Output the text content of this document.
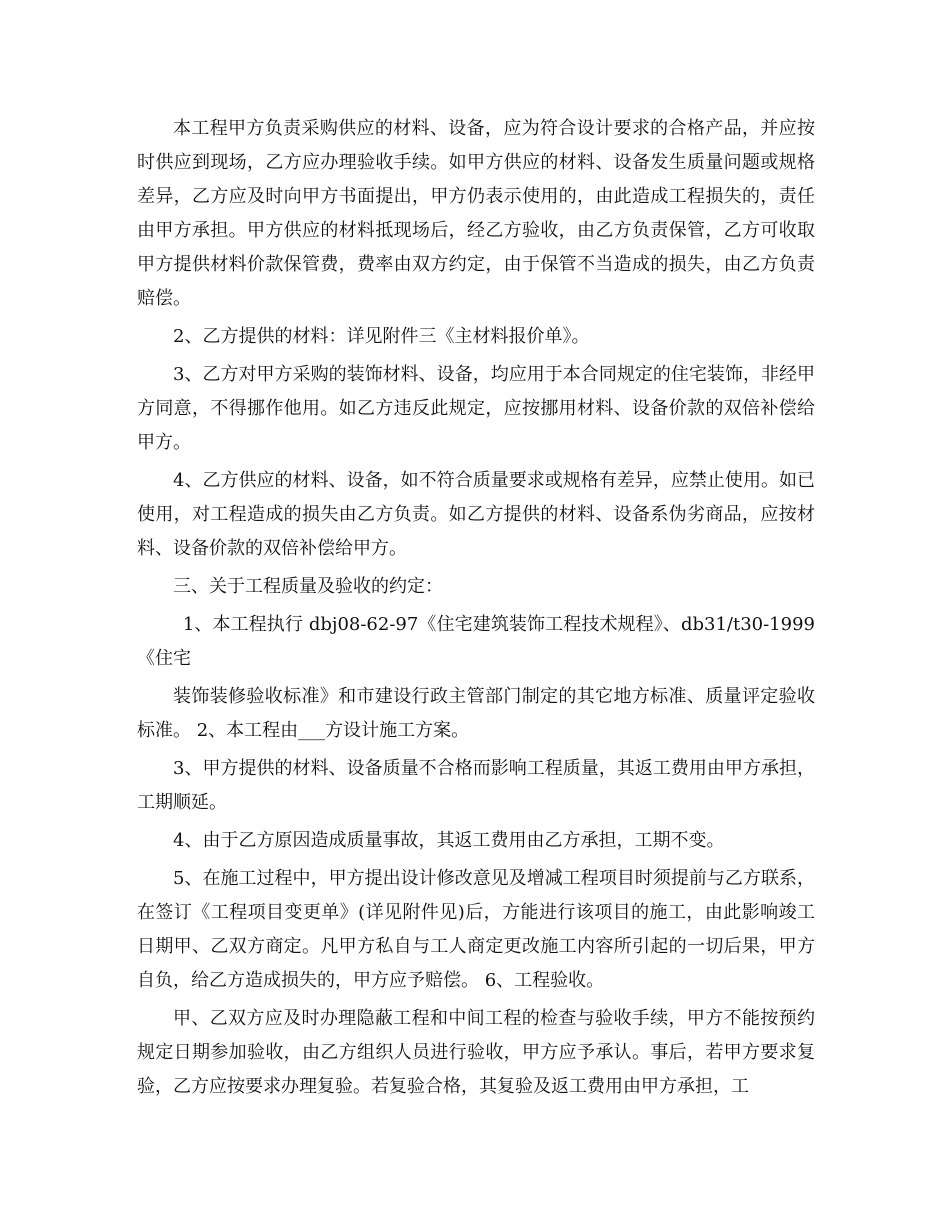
本工程甲方负责采购供应的材料、设备，应为符合设计要求的合格产品，并应按时供应到现场，乙方应办理验收手续。如甲方供应的材料、设备发生质量问题或规格差异，乙方应及时向甲方书面提出，甲方仍表示使用的，由此造成工程损失的，责任由甲方承担。甲方供应的材料抵现场后，经乙方验收，由乙方负责保管，乙方可收取甲方提供材料价款保管费，费率由双方约定，由于保管不当造成的损失，由乙方负责赔偿。

2、乙方提供的材料：详见附件三《主材料报价单》。

3、乙方对甲方采购的装饰材料、设备，均应用于本合同规定的住宅装饰，非经甲方同意，不得挪作他用。如乙方违反此规定，应按挪用材料、设备价款的双倍补偿给甲方。

4、乙方供应的材料、设备，如不符合质量要求或规格有差异，应禁止使用。如已使用，对工程造成的损失由乙方负责。如乙方提供的材料、设备系伪劣商品，应按材料、设备价款的双倍补偿给甲方。

三、关于工程质量及验收的约定：

1、本工程执行 dbj08-62-97《住宅建筑装饰工程技术规程》、db31/t30-1999《住宅

装饰装修验收标准》和市建设行政主管部门制定的其它地方标准、质量评定验收标准。 2、本工程由___方设计施工方案。

3、甲方提供的材料、设备质量不合格而影响工程质量，其返工费用由甲方承担，工期顺延。

4、由于乙方原因造成质量事故，其返工费用由乙方承担，工期不变。

5、在施工过程中，甲方提出设计修改意见及增减工程项目时须提前与乙方联系，在签订《工程项目变更单》(详见附件见)后，方能进行该项目的施工，由此影响竣工日期甲、乙双方商定。凡甲方私自与工人商定更改施工内容所引起的一切后果，甲方自负，给乙方造成损失的，甲方应予赔偿。 6、工程验收。

甲、乙双方应及时办理隐蔽工程和中间工程的检查与验收手续，甲方不能按预约规定日期参加验收，由乙方组织人员进行验收，甲方应予承认。事后，若甲方要求复验，乙方应按要求办理复验。若复验合格，其复验及返工费用由甲方承担，工
